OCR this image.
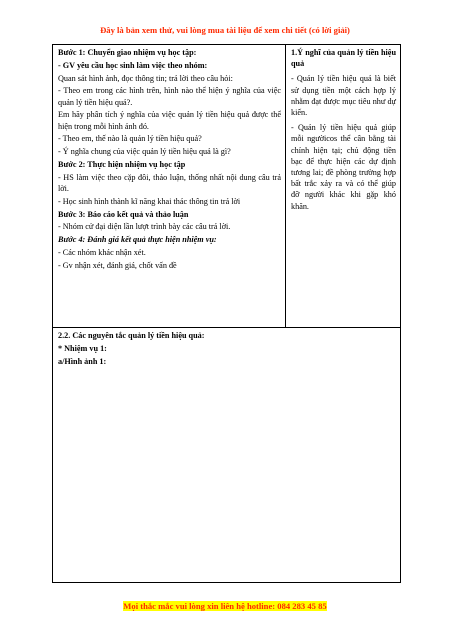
Đây là bản xem thử, vui lòng mua tài liệu để xem chi tiết (có lời giải)

Bước 1: Chuyển giao nhiệm vụ học tập:

- GV yêu cầu học sinh làm việc theo nhóm:

Quan sát hình ảnh, đọc thông tin; trả lời theo câu hỏi:

- Theo em trong các hình trên, hình nào thể hiện ý nghĩa của việc quản lý tiền hiệu quả?.

Em hãy phân tích ý nghĩa của việc quản lý tiền hiệu quả được thể hiện trong mỗi hình ảnh đó.

- Theo em, thế nào là quản lý tiền hiệu quả?

- Ý nghĩa chung của việc quản lý tiền hiệu quả là gì?

Bước 2: Thực hiện nhiệm vụ học tập

- HS làm việc theo cặp đôi, thảo luận, thống nhất nội dung câu trả lời.

- Học sinh hình thành kĩ năng khai thác thông tin trả lời

Bước 3: Báo cáo kết quả và thảo luận

- Nhóm cử đại diện lần lượt trình bày các câu trả lời.

Bước 4: Đánh giá kết quả thực hiện nhiệm vụ:

- Các nhóm khác nhận xét.

- Gv nhận xét, đánh giá, chốt vấn đề

1.Ý nghĩ của quản lý tiền hiệu quả

- Quản lý tiền hiệu quả là biết sử dụng tiền một cách hợp lý nhằm đạt được mục tiêu như dự kiến.

- Quản lý tiền hiệu quả giúp mỗi ngườicos thể cân bằng tài chính hiện tại; chủ động tiền bạc để thực hiện các dự định tương lai; đề phòng trường hợp bất trắc xảy ra và có thể giúp đỡ người khác khi gặp khó khăn.

2.2. Các nguyên tắc quản lý tiền hiệu quả:

* Nhiệm vụ 1:

a/Hình ảnh 1:

Mọi thắc mắc vui lòng xin liên hệ hotline: 084 283 45 85
